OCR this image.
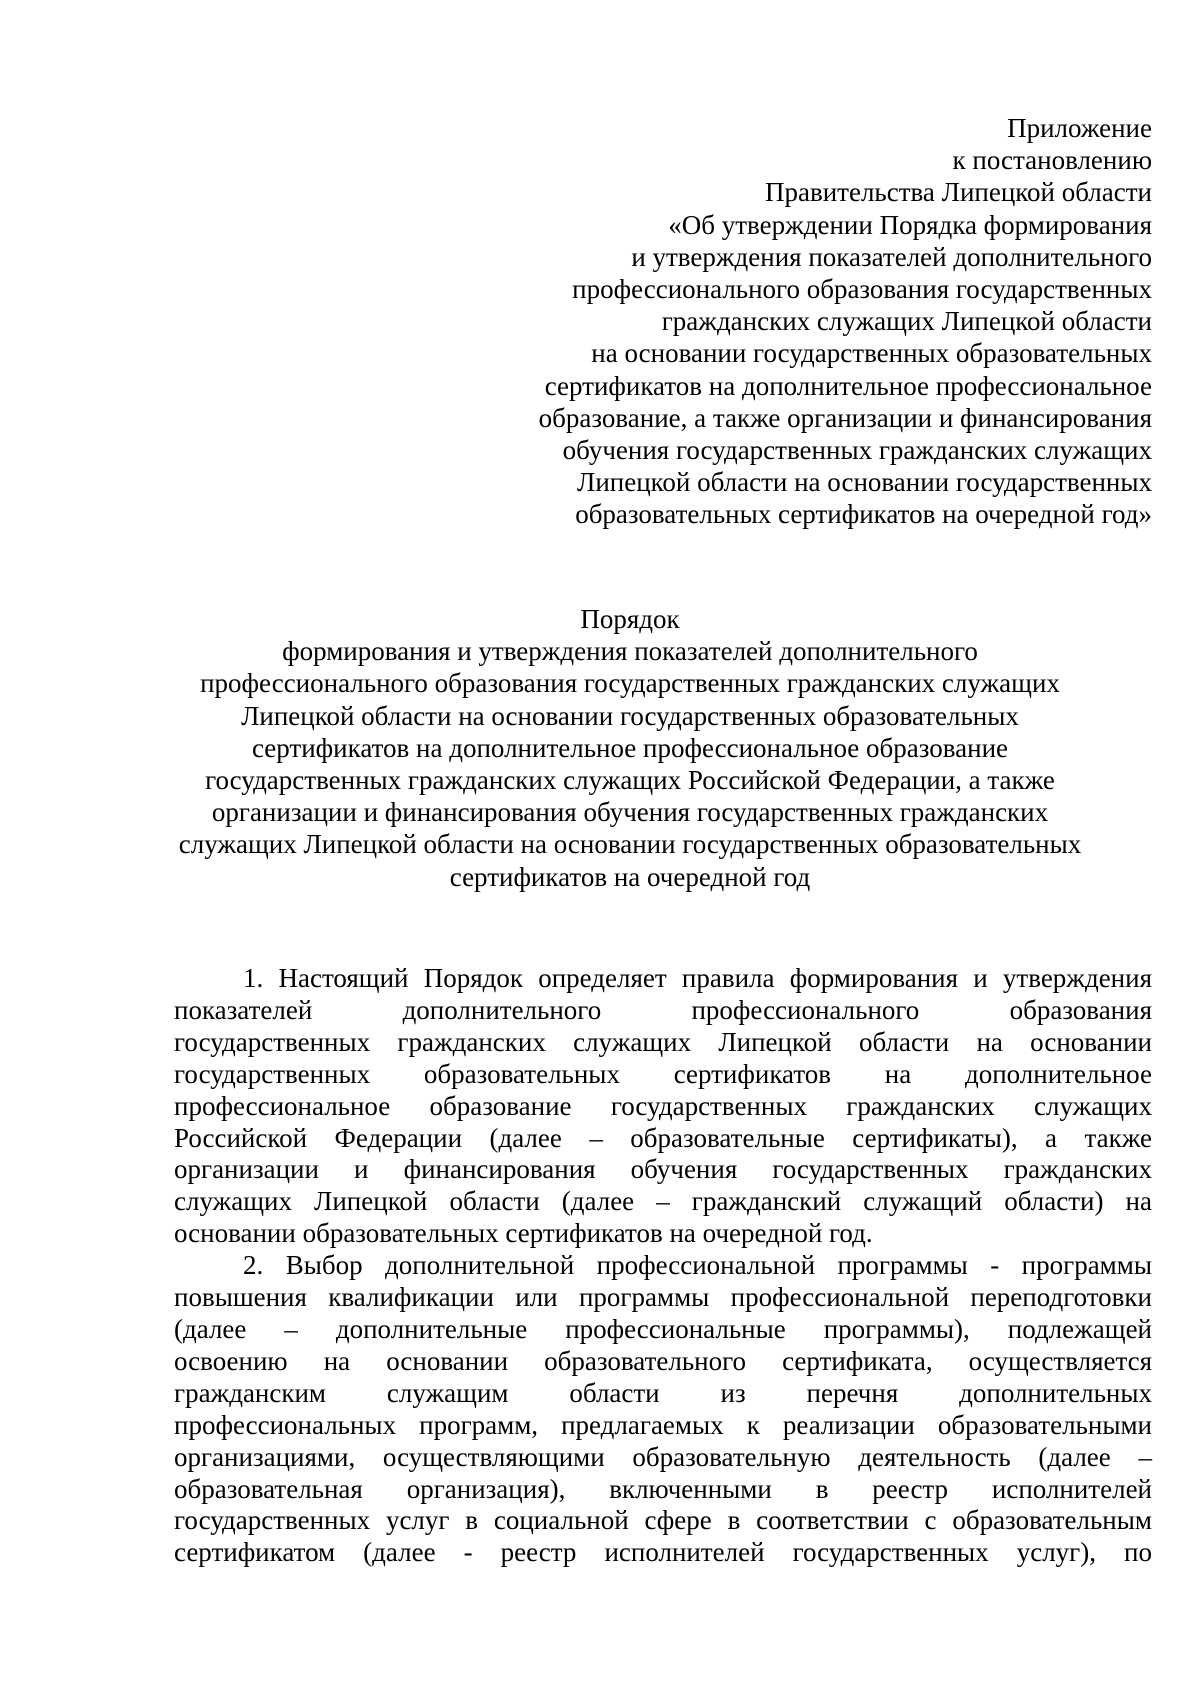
Приложение
к постановлению
Правительства Липецкой области
«Об утверждении Порядка формирования
и утверждения показателей дополнительного
профессионального образования государственных
гражданских служащих Липецкой области
на основании государственных образовательных
сертификатов на дополнительное профессиональное
образование, а также организации и финансирования
обучения государственных гражданских служащих
Липецкой области на основании государственных
образовательных сертификатов на очередной год»
Порядок
формирования и утверждения показателей дополнительного
профессионального образования государственных гражданских служащих
Липецкой области на основании государственных образовательных
сертификатов на дополнительное профессиональное образование
государственных гражданских служащих Российской Федерации, а также
организации и финансирования обучения государственных гражданских
служащих Липецкой области на основании государственных образовательных
сертификатов на очередной год
1. Настоящий Порядок определяет правила формирования и утверждения
показателей дополнительного профессионального образования
государственных гражданских служащих Липецкой области на основании
государственных образовательных сертификатов на дополнительное
профессиональное образование государственных гражданских служащих
Российской Федерации (далее – образовательные сертификаты), а также
организации и финансирования обучения государственных гражданских
служащих Липецкой области (далее – гражданский служащий области) на
основании образовательных сертификатов на очередной год.
2. Выбор дополнительной профессиональной программы - программы
повышения квалификации или программы профессиональной переподготовки
(далее – дополнительные профессиональные программы), подлежащей
освоению на основании образовательного сертификата, осуществляется
гражданским служащим области из перечня дополнительных
профессиональных программ, предлагаемых к реализации образовательными
организациями, осуществляющими образовательную деятельность (далее –
образовательная организация), включенными в реестр исполнителей
государственных услуг в социальной сфере в соответствии с образовательным
сертификатом (далее - реестр исполнителей государственных услуг), по
